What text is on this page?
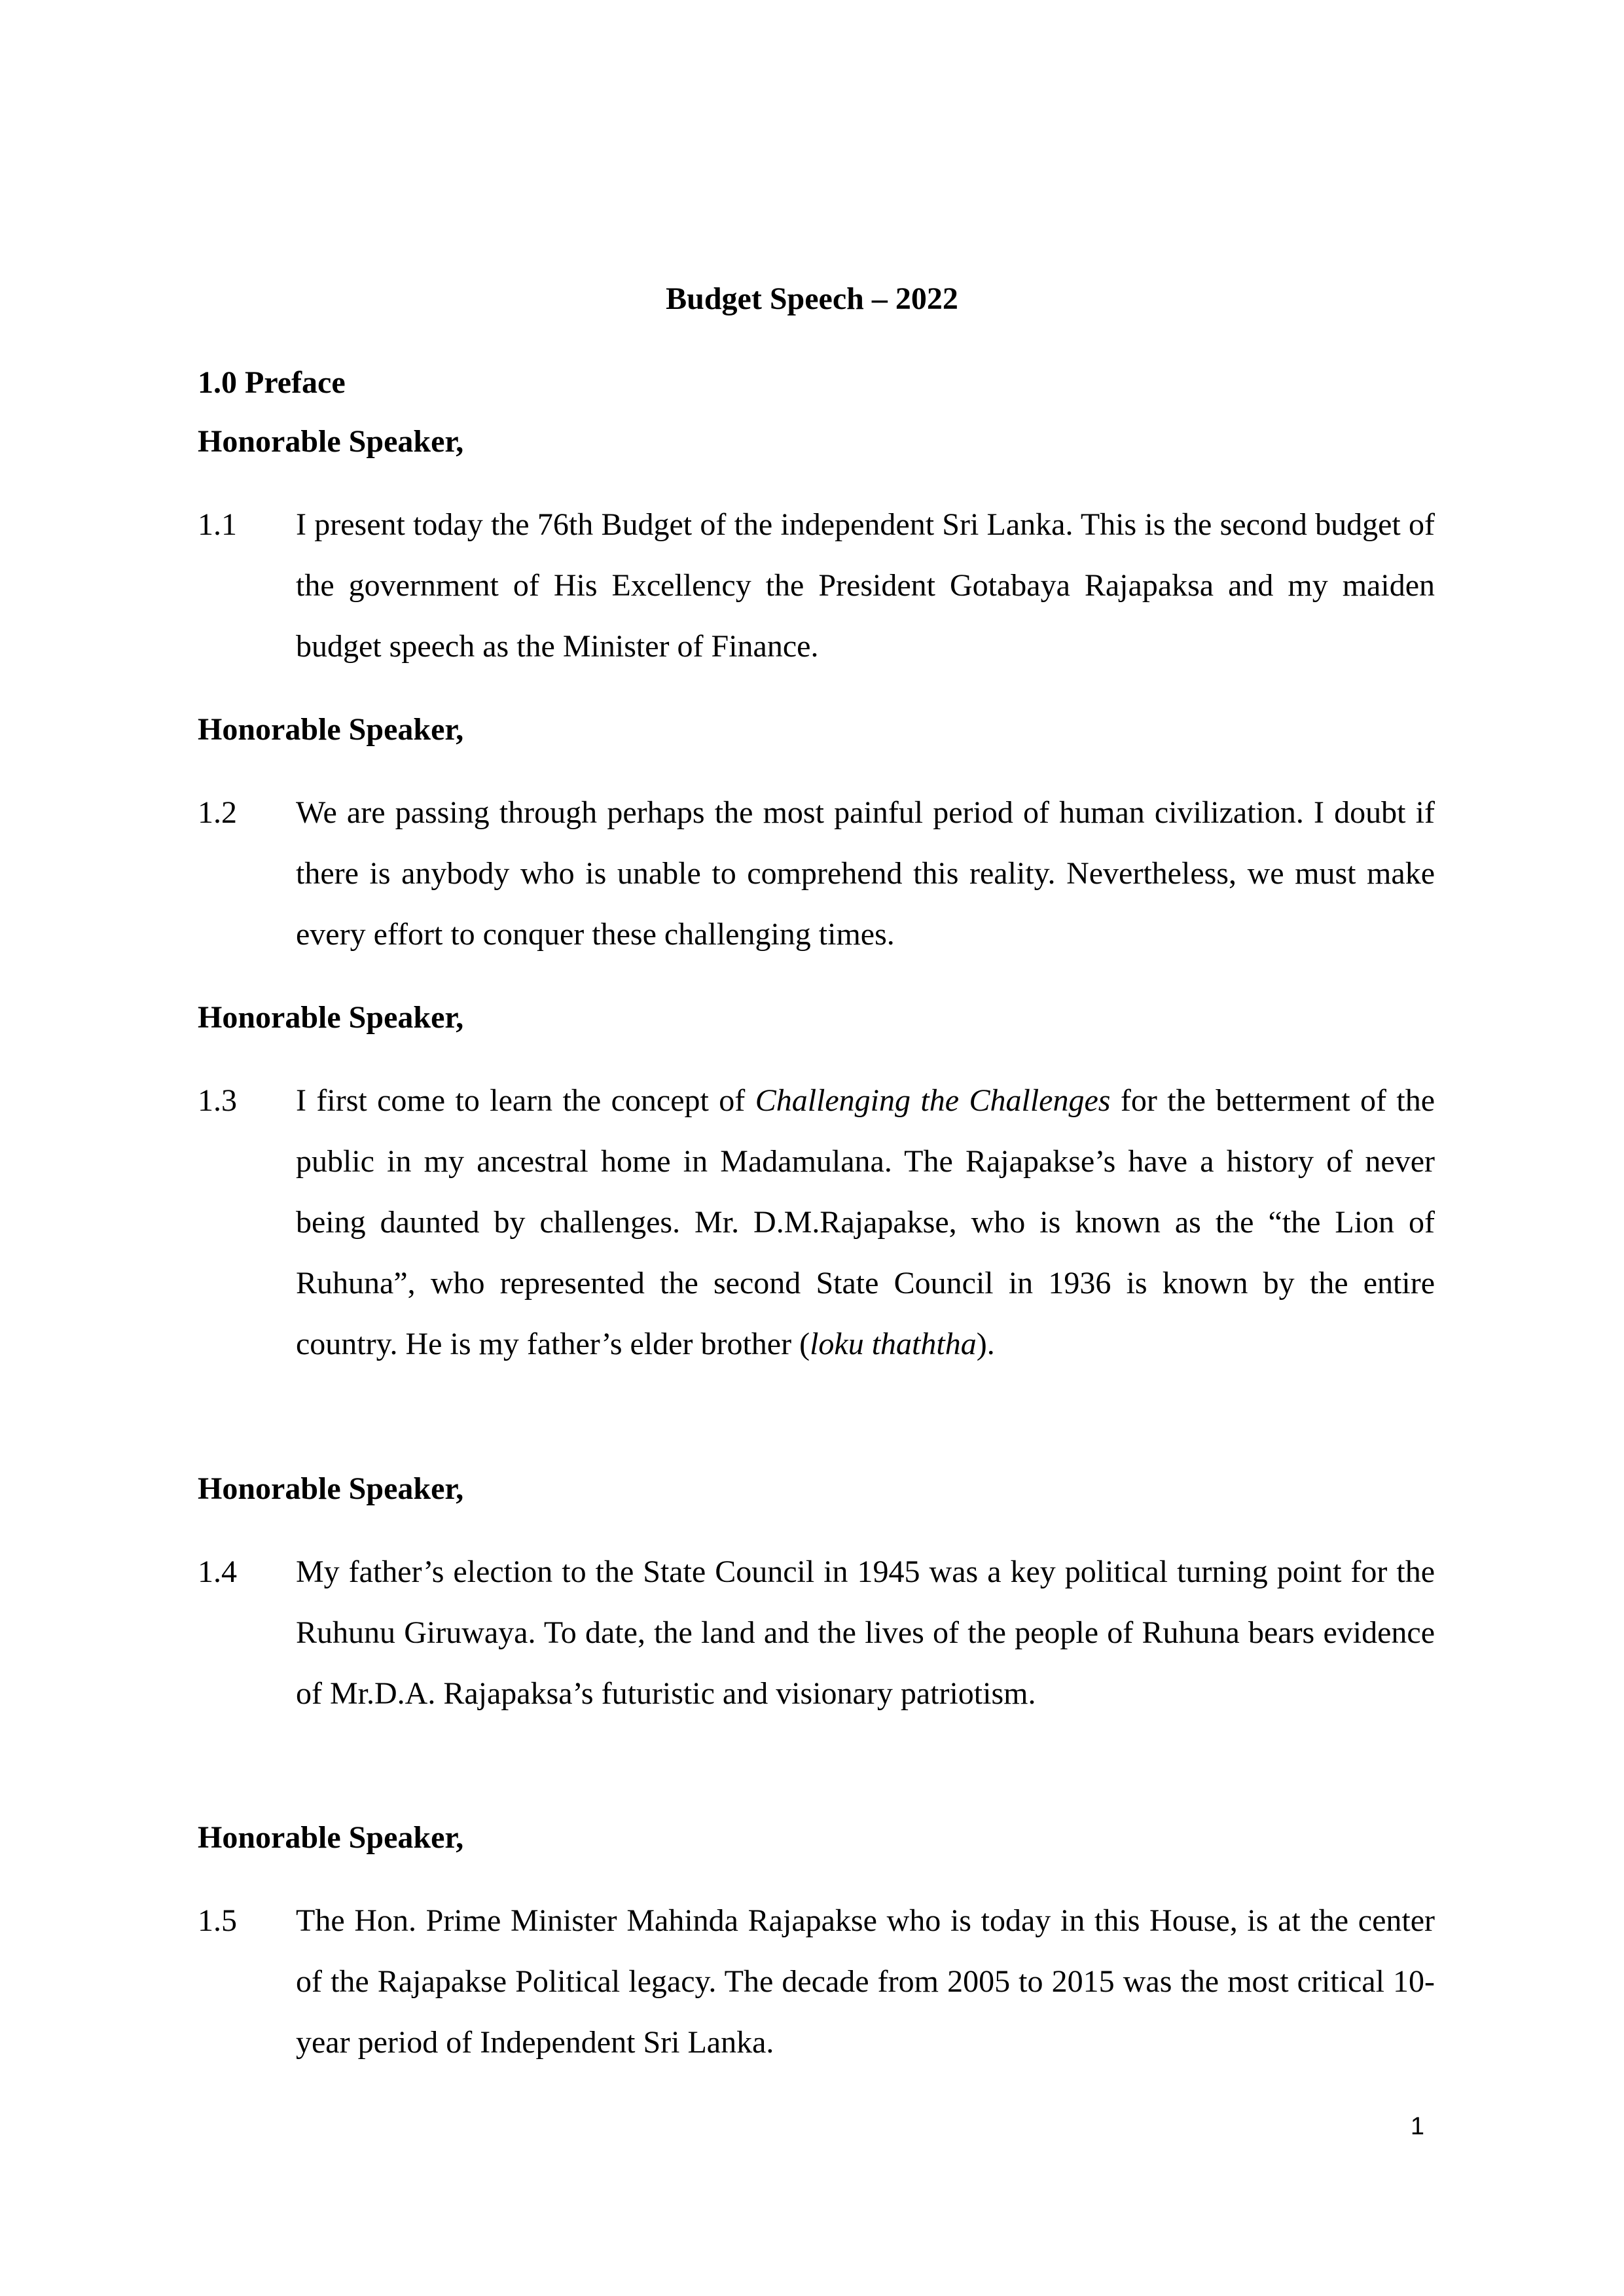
Budget Speech – 2022
1.0 Preface
Honorable Speaker,
1.1	I present today the 76th Budget of the independent Sri Lanka. This is the second budget of the government of His Excellency the President Gotabaya Rajapaksa and my maiden budget speech as the Minister of Finance.
Honorable Speaker,
1.2	We are passing through perhaps the most painful period of human civilization. I doubt if there is anybody who is unable to comprehend this reality. Nevertheless, we must make every effort to conquer these challenging times.
Honorable Speaker,
1.3	I first come to learn the concept of Challenging the Challenges for the betterment of the public in my ancestral home in Madamulana. The Rajapakse’s have a history of never being daunted by challenges. Mr. D.M.Rajapakse, who is known as the “the Lion of Ruhuna”, who represented the second State Council in 1936 is known by the entire country. He is my father’s elder brother (loku thaththa).
Honorable Speaker,
1.4	My father’s election to the State Council in 1945 was a key political turning point for the Ruhunu Giruwaya. To date, the land and the lives of the people of Ruhuna bears evidence of Mr.D.A. Rajapaksa’s futuristic and visionary patriotism.
Honorable Speaker,
1.5	The Hon. Prime Minister Mahinda Rajapakse who is today in this House, is at the center of the Rajapakse Political legacy. The decade from 2005 to 2015 was the most critical 10-year period of Independent Sri Lanka.
1
